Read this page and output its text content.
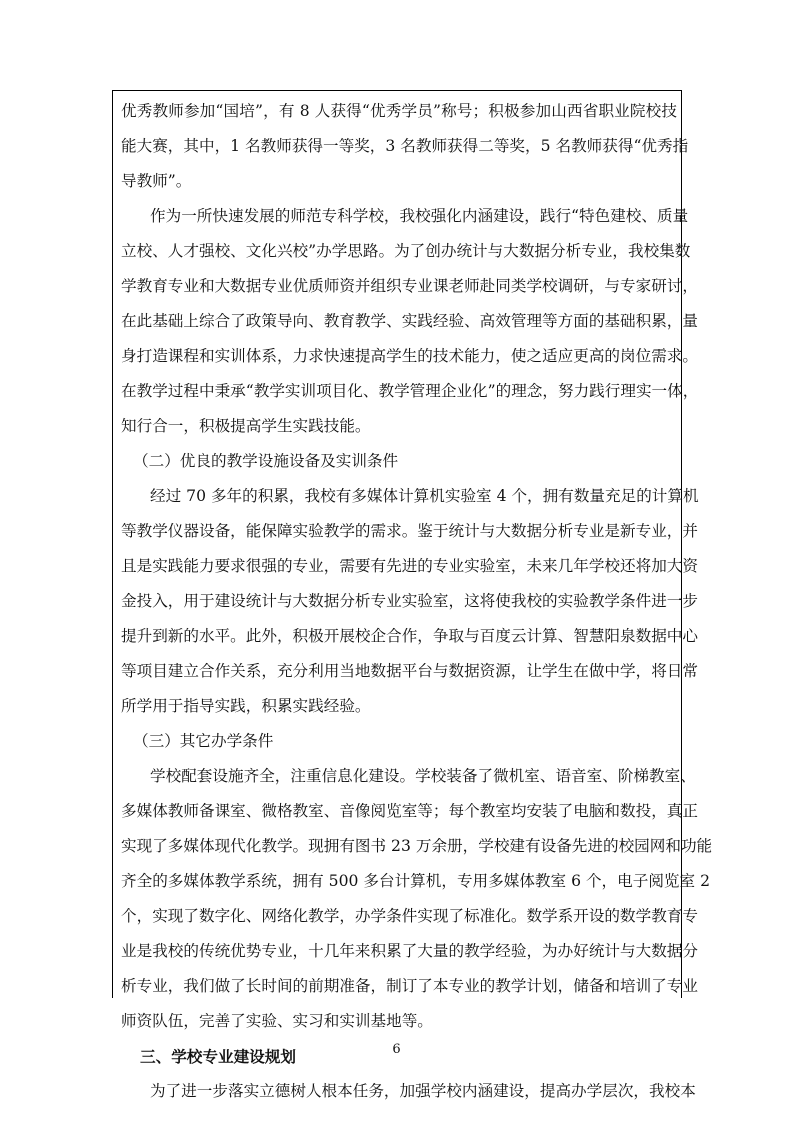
优秀教师参加“国培”，有 8 人获得“优秀学员”称号；积极参加山西省职业院校技
能大赛，其中，1 名教师获得一等奖，3 名教师获得二等奖，5 名教师获得“优秀指
导教师”。
作为一所快速发展的师范专科学校，我校强化内涵建设，践行“特色建校、质量
立校、人才强校、文化兴校”办学思路。为了创办统计与大数据分析专业，我校集数
学教育专业和大数据专业优质师资并组织专业课老师赴同类学校调研，与专家研讨，
在此基础上综合了政策导向、教育教学、实践经验、高效管理等方面的基础积累，量
身打造课程和实训体系，力求快速提高学生的技术能力，使之适应更高的岗位需求。
在教学过程中秉承“教学实训项目化、教学管理企业化”的理念，努力践行理实一体，
知行合一，积极提高学生实践技能。
（二）优良的教学设施设备及实训条件
经过 70 多年的积累，我校有多媒体计算机实验室 4 个，拥有数量充足的计算机
等教学仪器设备，能保障实验教学的需求。鉴于统计与大数据分析专业是新专业，并
且是实践能力要求很强的专业，需要有先进的专业实验室，未来几年学校还将加大资
金投入，用于建设统计与大数据分析专业实验室，这将使我校的实验教学条件进一步
提升到新的水平。此外，积极开展校企合作，争取与百度云计算、智慧阳泉数据中心
等项目建立合作关系，充分利用当地数据平台与数据资源，让学生在做中学，将日常
所学用于指导实践，积累实践经验。
（三）其它办学条件
学校配套设施齐全，注重信息化建设。学校装备了微机室、语音室、阶梯教室、
多媒体教师备课室、微格教室、音像阅览室等；每个教室均安装了电脑和数投，真正
实现了多媒体现代化教学。现拥有图书 23 万余册，学校建有设备先进的校园网和功能
齐全的多媒体教学系统，拥有 500 多台计算机，专用多媒体教室 6 个，电子阅览室 2
个，实现了数字化、网络化教学，办学条件实现了标准化。数学系开设的数学教育专
业是我校的传统优势专业，十几年来积累了大量的教学经验，为办好统计与大数据分
析专业，我们做了长时间的前期准备，制订了本专业的教学计划，储备和培训了专业
师资队伍，完善了实验、实习和实训基地等。
三、学校专业建设规划
为了进一步落实立德树人根本任务，加强学校内涵建设，提高办学层次，我校本
6
